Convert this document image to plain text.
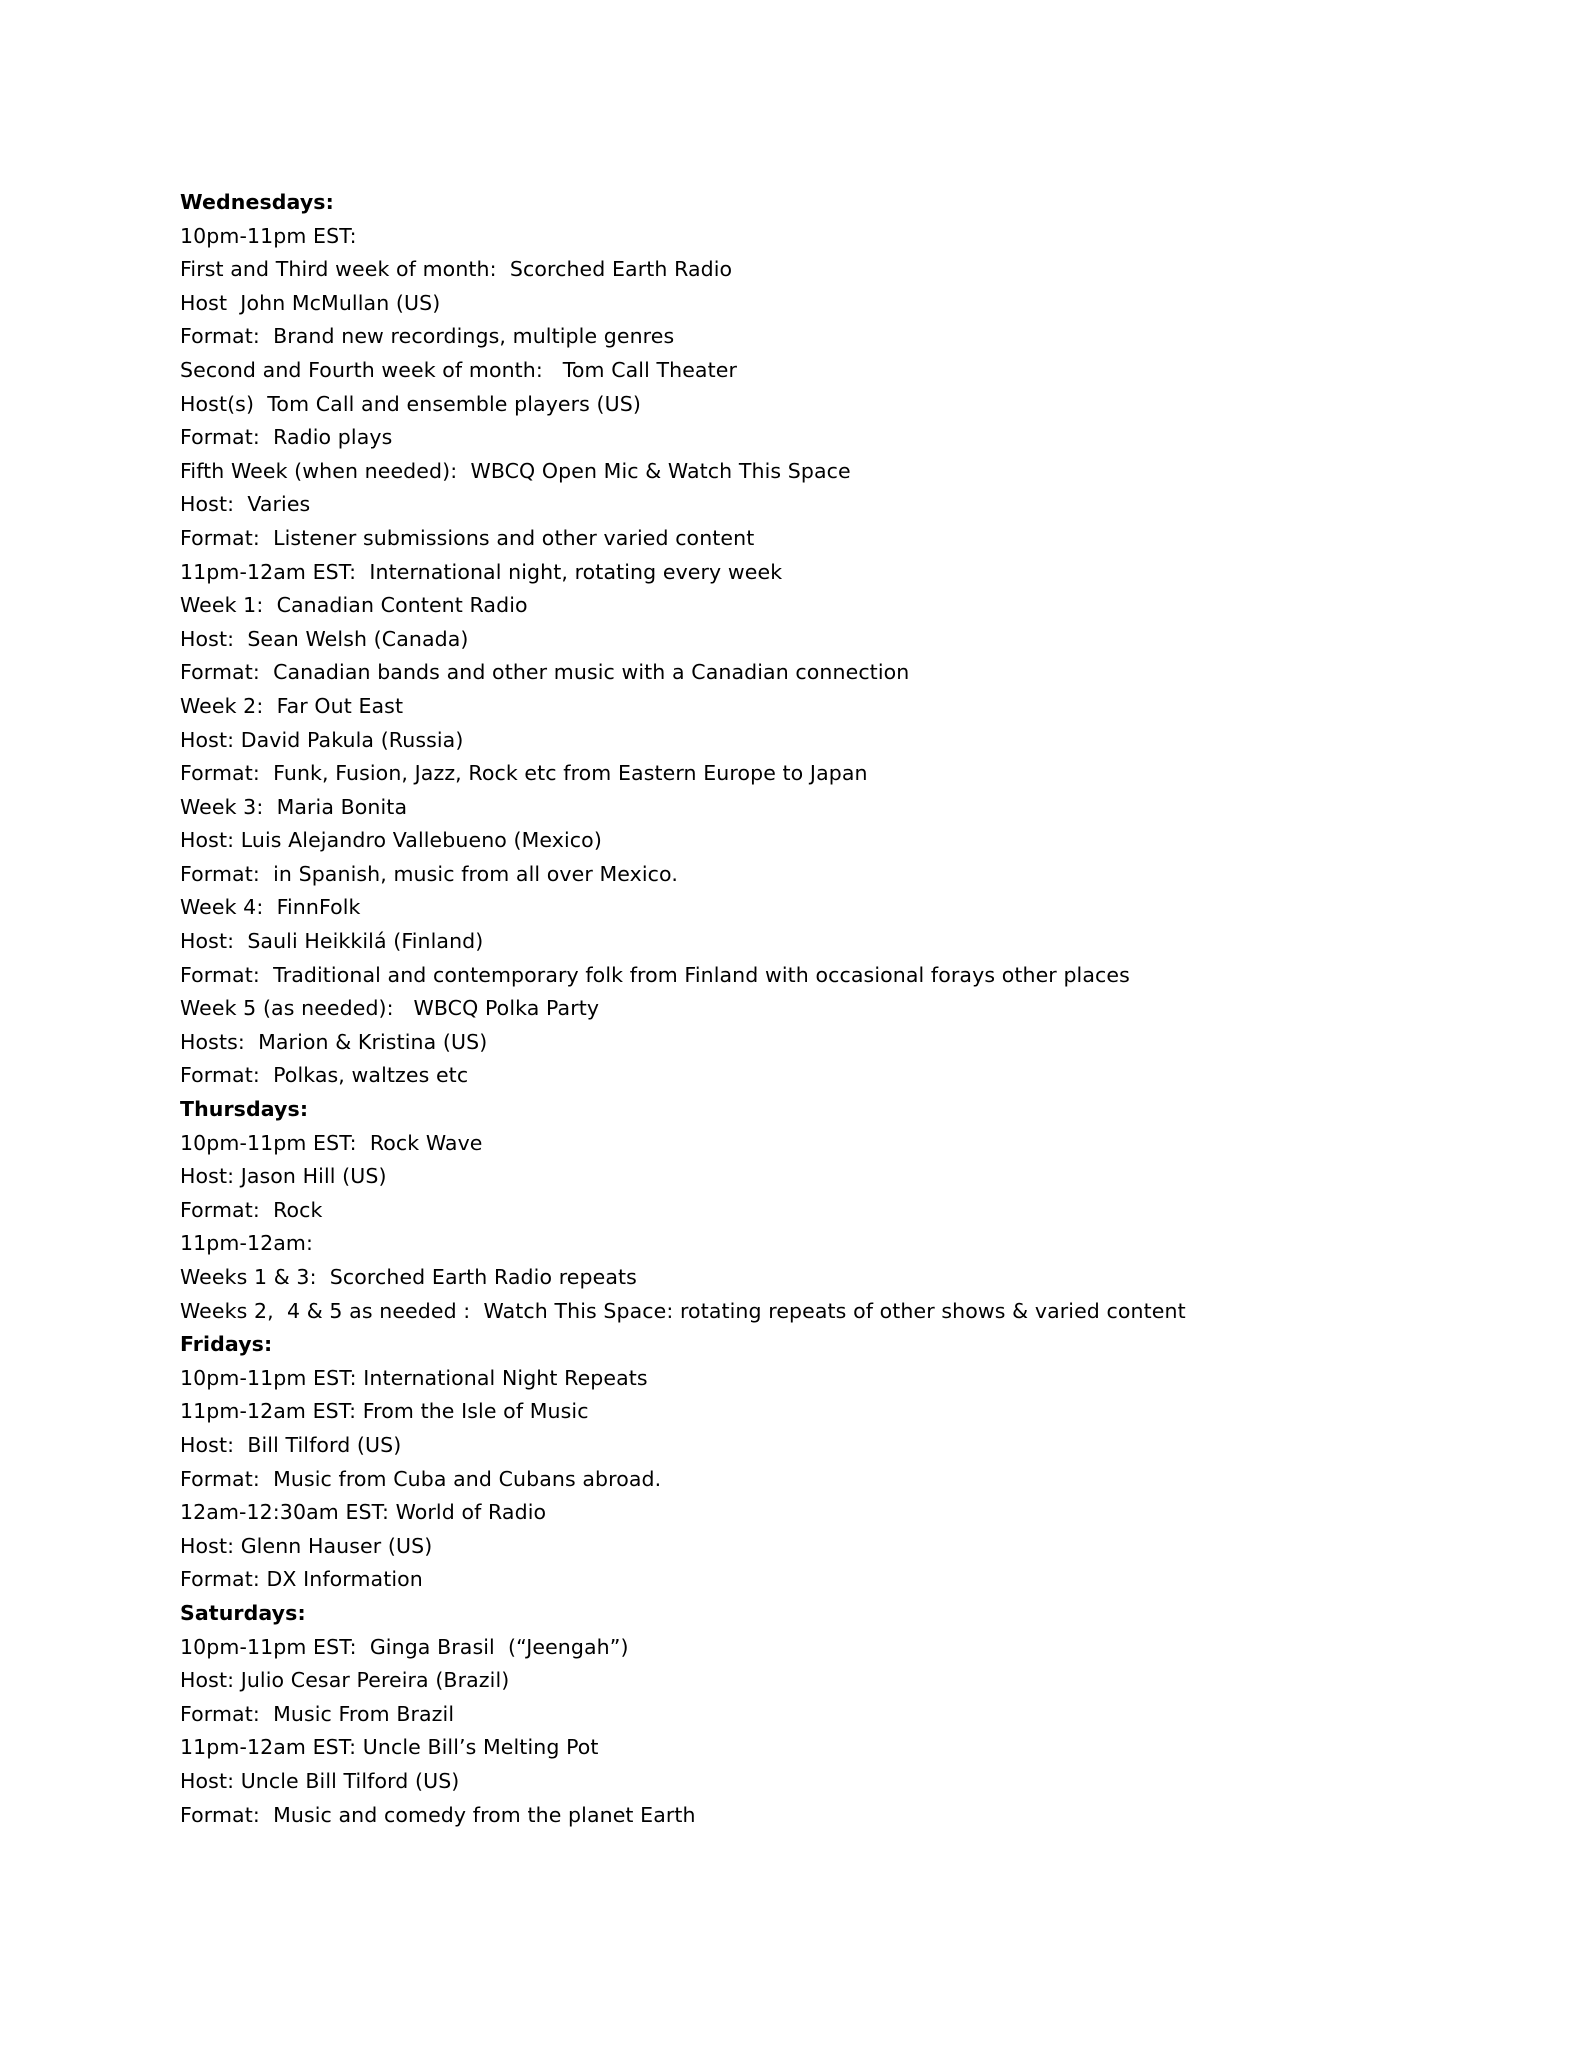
Wednesdays:
10pm-11pm EST:
First and Third week of month:  Scorched Earth Radio
Host  John McMullan (US)
Format:  Brand new recordings, multiple genres
Second and Fourth week of month:   Tom Call Theater
Host(s)  Tom Call and ensemble players (US)
Format:  Radio plays
Fifth Week (when needed):  WBCQ Open Mic & Watch This Space
Host:  Varies
Format:  Listener submissions and other varied content
11pm-12am EST:  International night, rotating every week
Week 1:  Canadian Content Radio
Host:  Sean Welsh (Canada)
Format:  Canadian bands and other music with a Canadian connection
Week 2:  Far Out East
Host: David Pakula (Russia)
Format:  Funk, Fusion, Jazz, Rock etc from Eastern Europe to Japan
Week 3:  Maria Bonita
Host: Luis Alejandro Vallebueno (Mexico)
Format:  in Spanish, music from all over Mexico.
Week 4:  FinnFolk
Host:  Sauli Heikkilá (Finland)
Format:  Traditional and contemporary folk from Finland with occasional forays other places
Week 5 (as needed):   WBCQ Polka Party
Hosts:  Marion & Kristina (US)
Format:  Polkas, waltzes etc
Thursdays:
10pm-11pm EST:  Rock Wave
Host: Jason Hill (US)
Format:  Rock
11pm-12am:
Weeks 1 & 3:  Scorched Earth Radio repeats
Weeks 2,  4 & 5 as needed :  Watch This Space: rotating repeats of other shows & varied content
Fridays:
10pm-11pm EST: International Night Repeats
11pm-12am EST: From the Isle of Music
Host:  Bill Tilford (US)
Format:  Music from Cuba and Cubans abroad.
12am-12:30am EST: World of Radio
Host: Glenn Hauser (US)
Format: DX Information
Saturdays:
10pm-11pm EST:  Ginga Brasil  (“Jeengah”)
Host: Julio Cesar Pereira (Brazil)
Format:  Music From Brazil
11pm-12am EST: Uncle Bill’s Melting Pot
Host: Uncle Bill Tilford (US)
Format:  Music and comedy from the planet Earth
